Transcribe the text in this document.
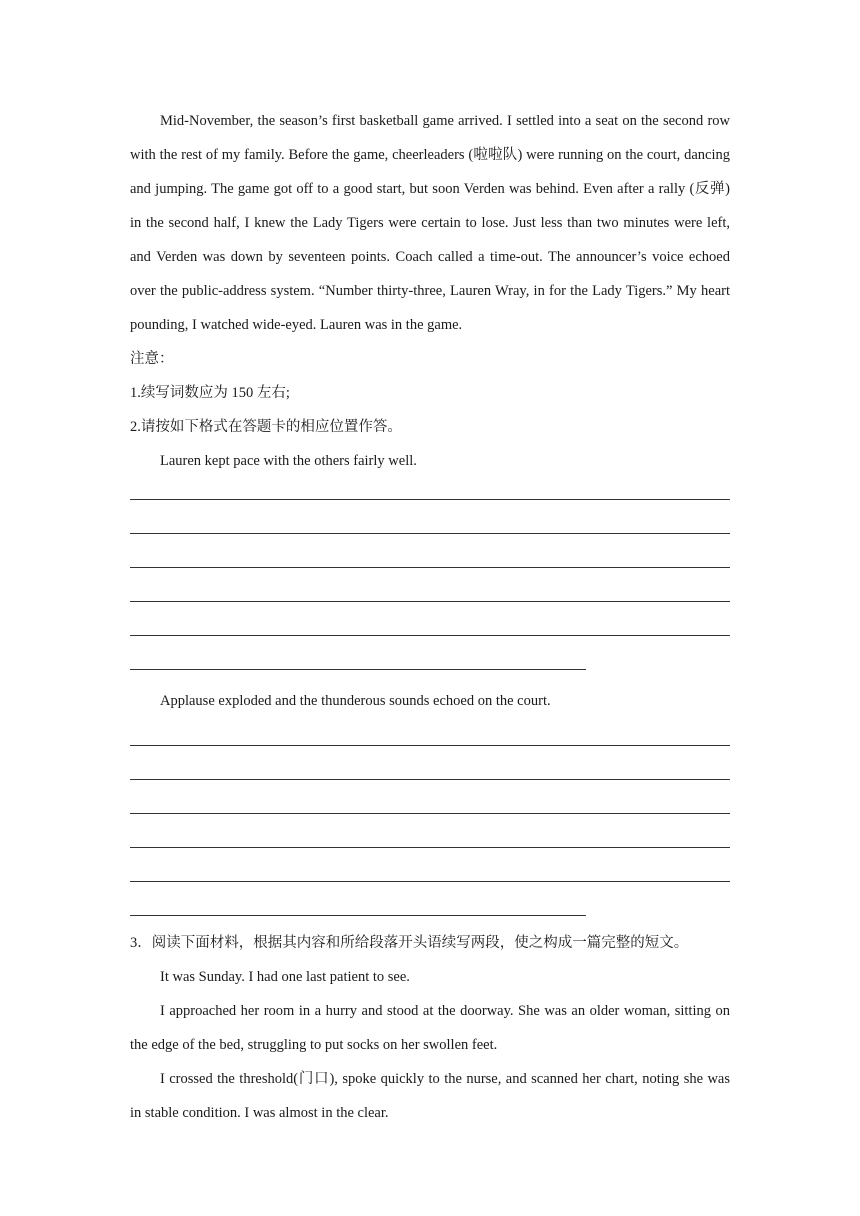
Mid-November, the season’s first basketball game arrived. I settled into a seat on the second row with the rest of my family. Before the game, cheerleaders (啦啦队) were running on the court, dancing and jumping. The game got off to a good start, but soon Verden was behind. Even after a rally (反弹) in the second half, I knew the Lady Tigers were certain to lose. Just less than two minutes were left, and Verden was down by seventeen points. Coach called a time-out. The announcer’s voice echoed over the public-address system. “Number thirty-three, Lauren Wray, in for the Lady Tigers.” My heart pounding, I watched wide-eyed. Lauren was in the game.

注意：

1.续写词数应为 150 左右;

2.请按如下格式在答题卡的相应位置作答。

Lauren kept pace with the others fairly well.

Applause exploded and the thunderous sounds echoed on the court.

3．阅读下面材料，根据其内容和所给段落开头语续写两段，使之构成一篇完整的短文。

It was Sunday. I had one last patient to see.

I approached her room in a hurry and stood at the doorway. She was an older woman, sitting on the edge of the bed, struggling to put socks on her swollen feet.

I crossed the threshold(门口), spoke quickly to the nurse, and scanned her chart, noting she was in stable condition. I was almost in the clear.
